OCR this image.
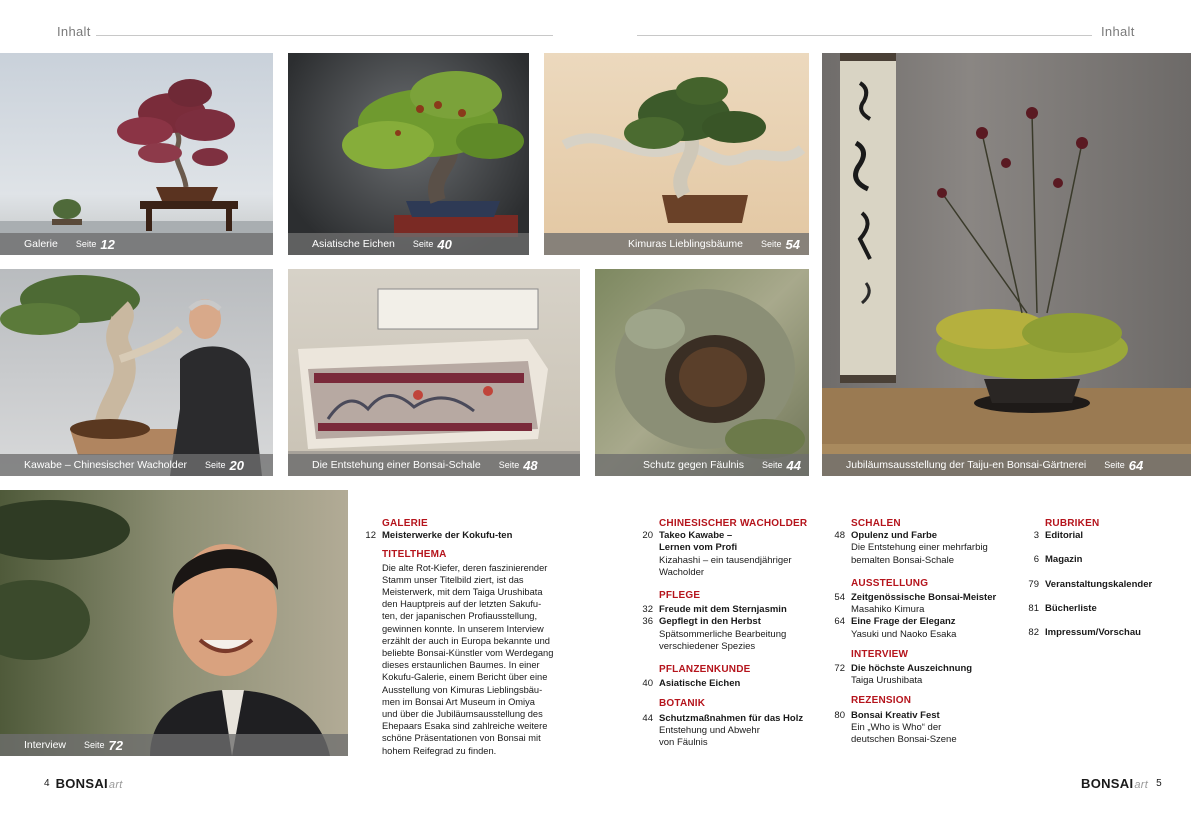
Inhalt	Inhalt
Galerie Seite 12	Asiatische Eichen Seite 40	Kimuras Lieblingsbäume Seite 54
Jubiläumsausstellung der Taiju-en Bonsai-Gärtnerei Seite 64
Kawabe – Chinesischer Wacholder Seite 20	Die Entstehung einer Bonsai-Schale Seite 48	Schutz gegen Fäulnis Seite 44
Interview Seite 72
GALERIE
12 Meisterwerke der Kokufu-ten
TITELTHEMA
Die alte Rot-Kiefer, deren faszinierender
Stamm unser Titelbild ziert, ist das
Meisterwerk, mit dem Taiga Urushibata
den Hauptpreis auf der letzten Sakufu-
ten, der japanischen Profiausstellung,
gewinnen konnte. In unserem Interview
erzählt der auch in Europa bekannte und
beliebte Bonsai-Künstler vom Werdegang
dieses erstaunlichen Baumes. In einer
Kokufu-Galerie, einem Bericht über eine
Ausstellung von Kimuras Lieblingsbäu-
men im Bonsai Art Museum in Omiya
und über die Jubiläumsausstellung des
Ehepaars Esaka sind zahlreiche weitere
schöne Präsentationen von Bonsai mit
hohem Reifegrad zu finden.
CHINESISCHER WACHOLDER
20 Takeo Kawabe –
Lernen vom Profi
Kizahashi – ein tausendjähriger
Wacholder
PFLEGE
32 Freude mit dem Sternjasmin
36 Gepflegt in den Herbst
Spätsommerliche Bearbeitung
verschiedener Spezies
PFLANZENKUNDE
40 Asiatische Eichen
BOTANIK
44 Schutzmaßnahmen für das Holz
Entstehung und Abwehr
von Fäulnis
SCHALEN
48 Opulenz und Farbe
Die Entstehung einer mehrfarbig
bemalten Bonsai-Schale
AUSSTELLUNG
54 Zeitgenössische Bonsai-Meister
Masahiko Kimura
64 Eine Frage der Eleganz
Yasuki und Naoko Esaka
INTERVIEW
72 Die höchste Auszeichnung
Taiga Urushibata
REZENSION
80 Bonsai Kreativ Fest
Ein „Who is Who“ der
deutschen Bonsai-Szene
RUBRIKEN
3 Editorial
6 Magazin
79 Veranstaltungskalender
81 Bücherliste
82 Impressum/Vorschau
4 BONSAIart	BONSAIart 5
